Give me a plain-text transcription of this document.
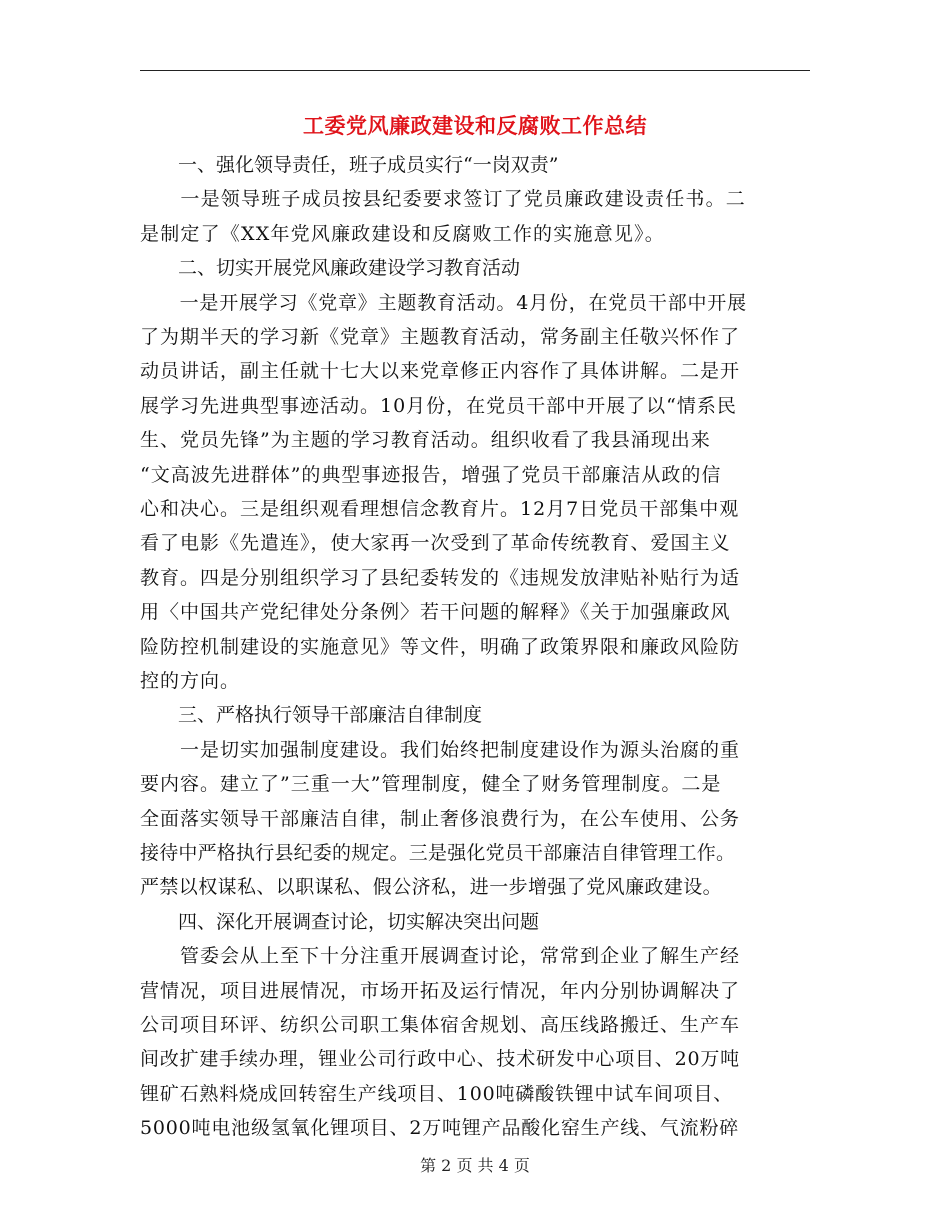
工委党风廉政建设和反腐败工作总结
　　一、强化领导责任，班子成员实行“一岗双责”
　　一是领导班子成员按县纪委要求签订了党员廉政建设责任书。二
是制定了《XX年党风廉政建设和反腐败工作的实施意见》。
　　二、切实开展党风廉政建设学习教育活动
　　一是开展学习《党章》主题教育活动。4月份，在党员干部中开展
了为期半天的学习新《党章》主题教育活动，常务副主任敬兴怀作了
动员讲话，副主任就十七大以来党章修正内容作了具体讲解。二是开
展学习先进典型事迹活动。10月份，在党员干部中开展了以“情系民
生、党员先锋”为主题的学习教育活动。组织收看了我县涌现出来
“文高波先进群体”的典型事迹报告，增强了党员干部廉洁从政的信
心和决心。三是组织观看理想信念教育片。12月7日党员干部集中观
看了电影《先遣连》，使大家再一次受到了革命传统教育、爱国主义
教育。四是分别组织学习了县纪委转发的《违规发放津贴补贴行为适
用〈中国共产党纪律处分条例〉若干问题的解释》《关于加强廉政风
险防控机制建设的实施意见》等文件，明确了政策界限和廉政风险防
控的方向。
　　三、严格执行领导干部廉洁自律制度
　　一是切实加强制度建设。我们始终把制度建设作为源头治腐的重
要内容。建立了”三重一大”管理制度，健全了财务管理制度。二是
全面落实领导干部廉洁自律，制止奢侈浪费行为，在公车使用、公务
接待中严格执行县纪委的规定。三是强化党员干部廉洁自律管理工作。
严禁以权谋私、以职谋私、假公济私，进一步增强了党风廉政建设。
　　四、深化开展调查讨论，切实解决突出问题
　　管委会从上至下十分注重开展调查讨论，常常到企业了解生产经
营情况，项目进展情况，市场开拓及运行情况，年内分别协调解决了
公司项目环评、纺织公司职工集体宿舍规划、高压线路搬迁、生产车
间改扩建手续办理，锂业公司行政中心、技术研发中心项目、20万吨
锂矿石熟料烧成回转窑生产线项目、100吨磷酸铁锂中试车间项目、
5000吨电池级氢氧化锂项目、2万吨锂产品酸化窑生产线、气流粉碎
第 2 页 共 4 页
